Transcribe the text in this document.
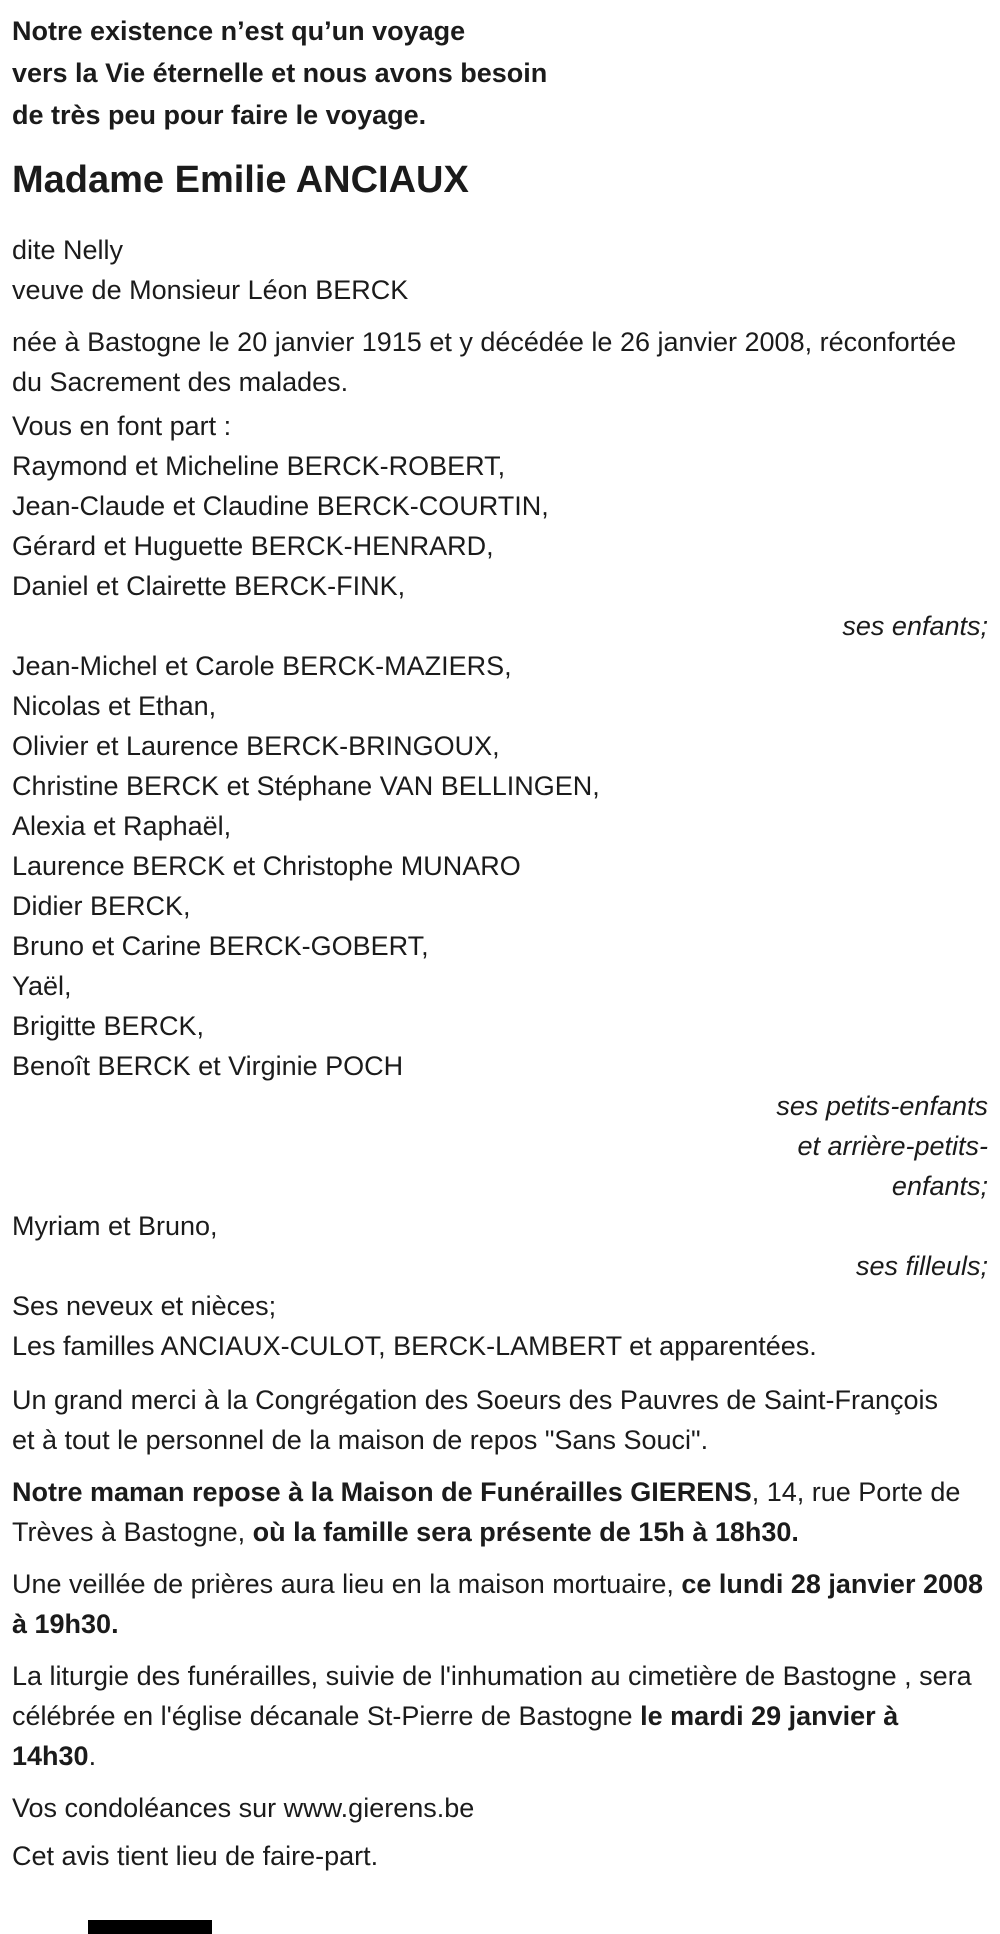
Notre existence n’est qu’un voyage

vers la Vie éternelle et nous avons besoin

de très peu pour faire le voyage.

Madame Emilie ANCIAUX

dite Nelly

veuve de Monsieur Léon BERCK

née à Bastogne le 20 janvier 1915 et y décédée le 26 janvier 2008, réconfortée du Sacrement des malades.

Vous en font part :

Raymond et Micheline BERCK-ROBERT,

Jean-Claude et Claudine BERCK-COURTIN,

Gérard et Huguette BERCK-HENRARD,

Daniel et Clairette BERCK-FINK,

ses enfants;

Jean-Michel et Carole BERCK-MAZIERS,

Nicolas et Ethan,

Olivier et Laurence BERCK-BRINGOUX,

Christine BERCK et Stéphane VAN BELLINGEN,

Alexia et Raphaël,

Laurence BERCK et Christophe MUNARO

Didier BERCK,

Bruno et Carine BERCK-GOBERT,

Yaël,

Brigitte BERCK,

Benoît BERCK et Virginie POCH

ses petits-enfants

et arrière-petits-

enfants;

Myriam et Bruno,

ses filleuls;

Ses neveux et nièces;

Les familles ANCIAUX-CULOT, BERCK-LAMBERT et apparentées.

Un grand merci à la Congrégation des Soeurs des Pauvres de Saint-François et à tout le personnel de la maison de repos "Sans Souci".

Notre maman repose à la Maison de Funérailles GIERENS, 14, rue Porte de Trèves à Bastogne, où la famille sera présente de 15h à 18h30.

Une veillée de prières aura lieu en la maison mortuaire, ce lundi 28 janvier 2008 à 19h30.

La liturgie des funérailles, suivie de l'inhumation au cimetière de Bastogne , sera célébrée en l'église décanale St-Pierre de Bastogne le mardi 29 janvier à 14h30.

Vos condoléances sur www.gierens.be

Cet avis tient lieu de faire-part.
